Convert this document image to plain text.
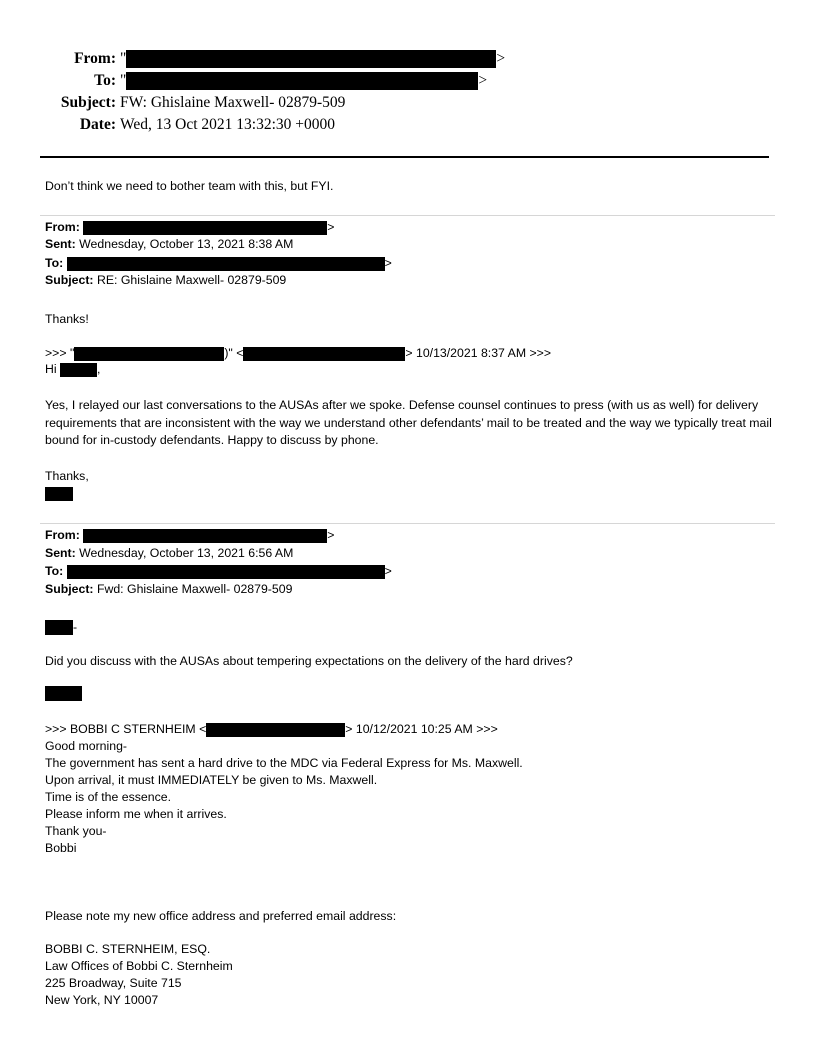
From: "	>
To: "	>
Subject: FW: Ghislaine Maxwell- 02879-509
Date: Wed, 13 Oct 2021 13:32:30 +0000
Don’t think we need to bother team with this, but FYI.
From:	>
Sent: Wednesday, October 13, 2021 8:38 AM
To:	>
Subject: RE: Ghislaine Maxwell- 02879-509
Thanks!
>>> "	)" <	> 10/13/2021 8:37 AM >>>
Hi	,
Yes, I relayed our last conversations to the AUSAs after we spoke. Defense counsel continues to press (with us as well) for delivery requirements that are inconsistent with the way we understand other defendants’ mail to be treated and the way we typically treat mail bound for in-custody defendants. Happy to discuss by phone.
Thanks,
From:	>
Sent: Wednesday, October 13, 2021 6:56 AM
To:	>
Subject: Fwd: Ghislaine Maxwell- 02879-509
-
Did you discuss with the AUSAs about tempering expectations on the delivery of the hard drives?
>>> BOBBI C STERNHEIM <	> 10/12/2021 10:25 AM >>>
Good morning-
The government has sent a hard drive to the MDC via Federal Express for Ms. Maxwell.
Upon arrival, it must IMMEDIATELY be given to Ms. Maxwell.
Time is of the essence.
Please inform me when it arrives.
Thank you-
Bobbi
Please note my new office address and preferred email address:
BOBBI C. STERNHEIM, ESQ.
Law Offices of Bobbi C. Sternheim
225 Broadway, Suite 715
New York, NY 10007
